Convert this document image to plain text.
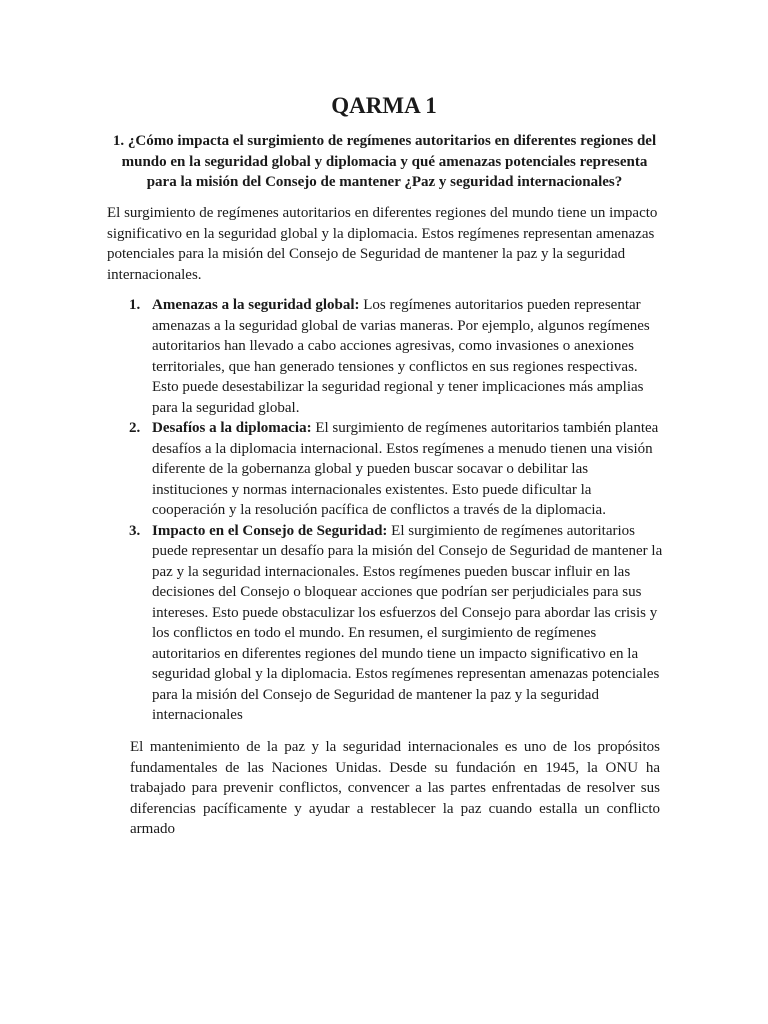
QARMA 1

1. ¿Cómo impacta el surgimiento de regímenes autoritarios en diferentes regiones del mundo en la seguridad global y diplomacia y qué amenazas potenciales representa para la misión del Consejo de mantener ¿Paz y seguridad internacionales?

El surgimiento de regímenes autoritarios en diferentes regiones del mundo tiene un impacto significativo en la seguridad global y la diplomacia. Estos regímenes representan amenazas potenciales para la misión del Consejo de Seguridad de mantener la paz y la seguridad internacionales.

1. Amenazas a la seguridad global: Los regímenes autoritarios pueden representar amenazas a la seguridad global de varias maneras. Por ejemplo, algunos regímenes autoritarios han llevado a cabo acciones agresivas, como invasiones o anexiones territoriales, que han generado tensiones y conflictos en sus regiones respectivas. Esto puede desestabilizar la seguridad regional y tener implicaciones más amplias para la seguridad global.
2. Desafíos a la diplomacia: El surgimiento de regímenes autoritarios también plantea desafíos a la diplomacia internacional. Estos regímenes a menudo tienen una visión diferente de la gobernanza global y pueden buscar socavar o debilitar las instituciones y normas internacionales existentes. Esto puede dificultar la cooperación y la resolución pacífica de conflictos a través de la diplomacia.
3. Impacto en el Consejo de Seguridad: El surgimiento de regímenes autoritarios puede representar un desafío para la misión del Consejo de Seguridad de mantener la paz y la seguridad internacionales. Estos regímenes pueden buscar influir en las decisiones del Consejo o bloquear acciones que podrían ser perjudiciales para sus intereses. Esto puede obstaculizar los esfuerzos del Consejo para abordar las crisis y los conflictos en todo el mundo. En resumen, el surgimiento de regímenes autoritarios en diferentes regiones del mundo tiene un impacto significativo en la seguridad global y la diplomacia. Estos regímenes representan amenazas potenciales para la misión del Consejo de Seguridad de mantener la paz y la seguridad internacionales

El mantenimiento de la paz y la seguridad internacionales es uno de los propósitos fundamentales de las Naciones Unidas. Desde su fundación en 1945, la ONU ha trabajado para prevenir conflictos, convencer a las partes enfrentadas de resolver sus diferencias pacíficamente y ayudar a restablecer la paz cuando estalla un conflicto armado
